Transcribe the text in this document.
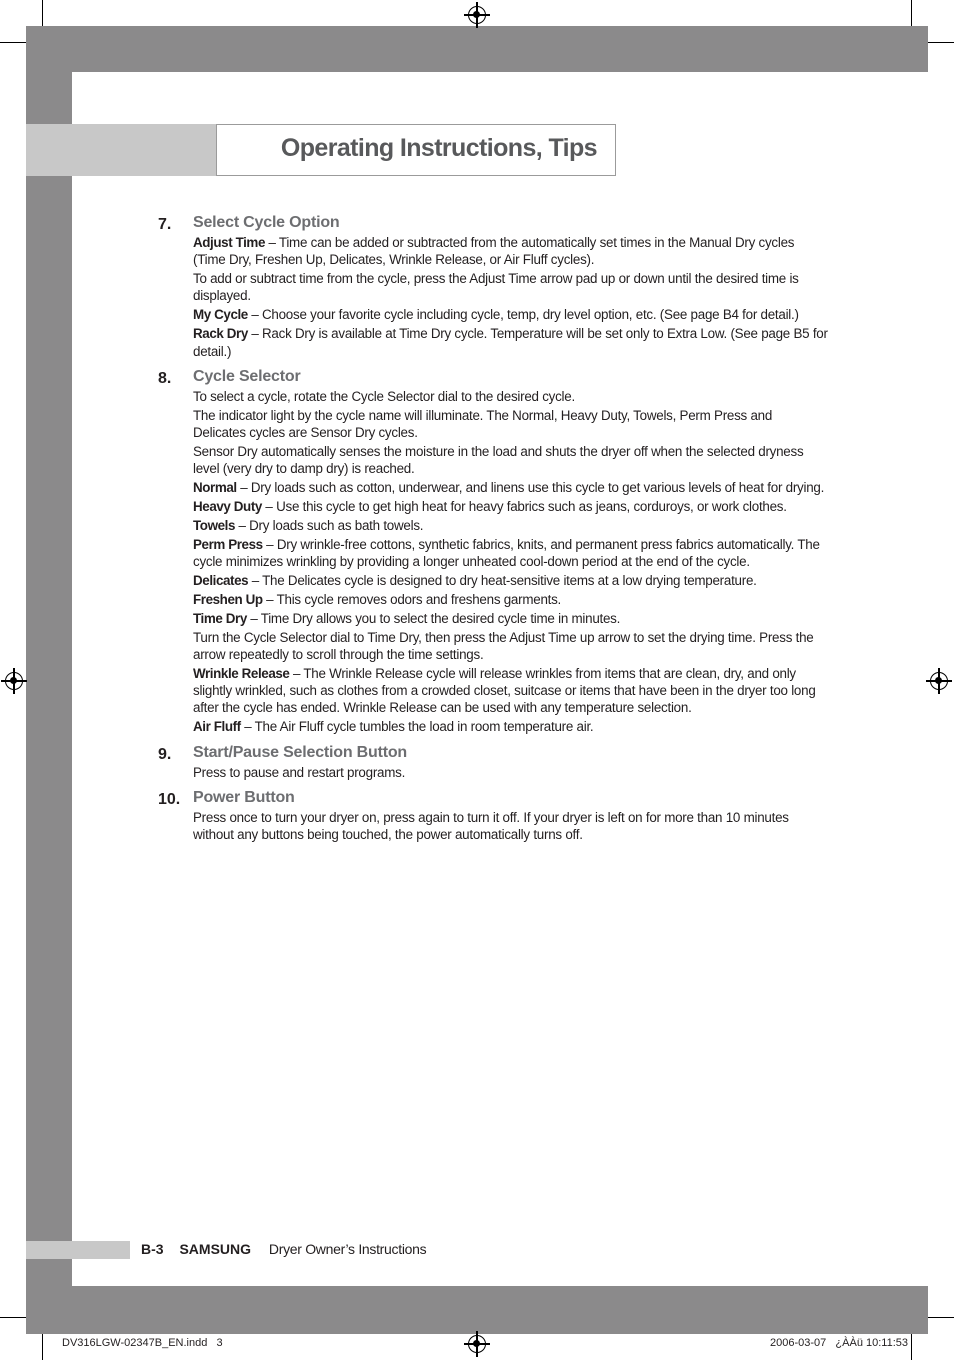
Operating Instructions, Tips
7. Select Cycle Option

Adjust Time – Time can be added or subtracted from the automatically set times in the Manual Dry cycles (Time Dry, Freshen Up, Delicates, Wrinkle Release, or Air Fluff cycles).

To add or subtract time from the cycle, press the Adjust Time arrow pad up or down until the desired time is displayed.

My Cycle – Choose your favorite cycle including cycle, temp, dry level option, etc. (See page B4 for detail.)

Rack Dry – Rack Dry is available at Time Dry cycle. Temperature will be set only to Extra Low. (See page B5 for detail.)

8. Cycle Selector

To select a cycle, rotate the Cycle Selector dial to the desired cycle.

The indicator light by the cycle name will illuminate. The Normal, Heavy Duty, Towels, Perm Press and Delicates cycles are Sensor Dry cycles.

Sensor Dry automatically senses the moisture in the load and shuts the dryer off when the selected dryness level (very dry to damp dry) is reached.

Normal – Dry loads such as cotton, underwear, and linens use this cycle to get various levels of heat for drying.

Heavy Duty – Use this cycle to get high heat for heavy fabrics such as jeans, corduroys, or work clothes.

Towels – Dry loads such as bath towels.

Perm Press – Dry wrinkle-free cottons, synthetic fabrics, knits, and permanent press fabrics automatically. The cycle minimizes wrinkling by providing a longer unheated cool-down period at the end of the cycle.

Delicates – The Delicates cycle is designed to dry heat-sensitive items at a low drying temperature.

Freshen Up – This cycle removes odors and freshens garments.

Time Dry – Time Dry allows you to select the desired cycle time in minutes.

Turn the Cycle Selector dial to Time Dry, then press the Adjust Time up arrow to set the drying time. Press the arrow repeatedly to scroll through the time settings.

Wrinkle Release – The Wrinkle Release cycle will release wrinkles from items that are clean, dry, and only slightly wrinkled, such as clothes from a crowded closet, suitcase or items that have been in the dryer too long after the cycle has ended. Wrinkle Release can be used with any temperature selection.

Air Fluff – The Air Fluff cycle tumbles the load in room temperature air.

9. Start/Pause Selection Button

Press to pause and restart programs.

10. Power Button

Press once to turn your dryer on, press again to turn it off. If your dryer is left on for more than 10 minutes without any buttons being touched, the power automatically turns off.

B-3 SAMSUNG Dryer Owner’s Instructions
DV316LGW-02347B_EN.indd   3	2006-03-07   ¿ÀÀü 10:11:53
